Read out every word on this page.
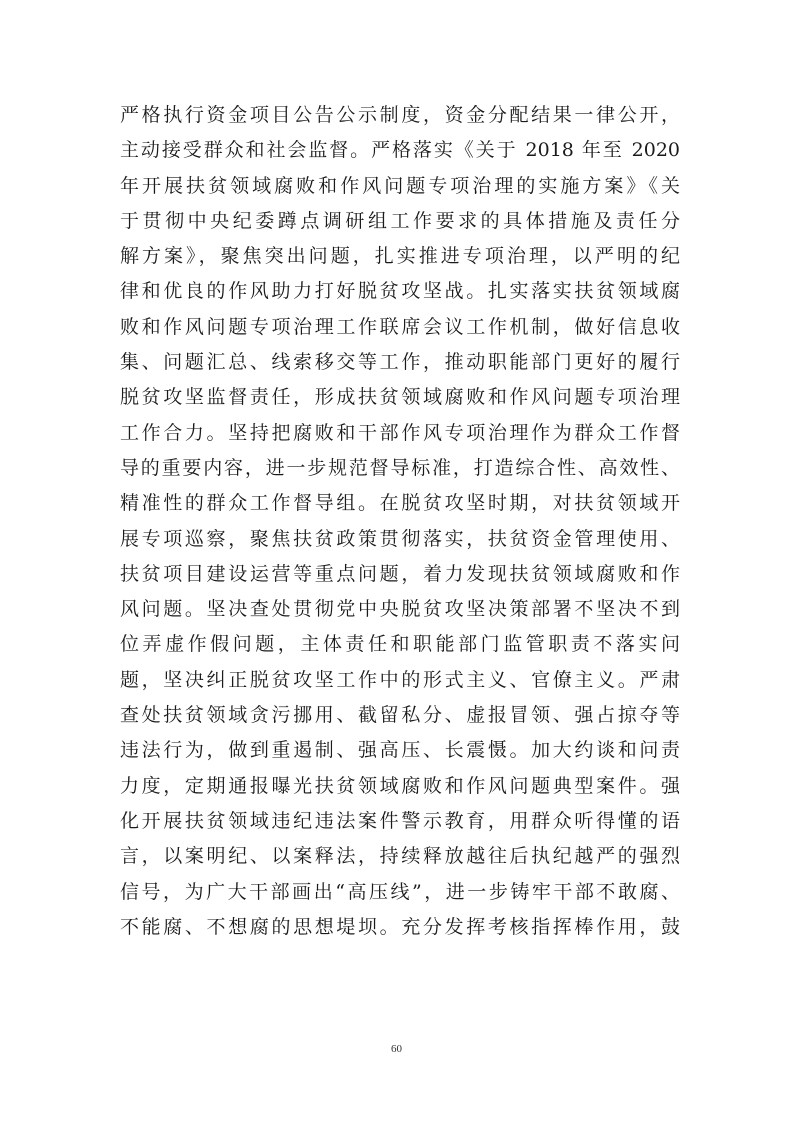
严格执行资金项目公告公示制度，资金分配结果一律公开，
主动接受群众和社会监督。严格落实《关于 2018 年至 2020
年开展扶贫领域腐败和作风问题专项治理的实施方案》《关
于贯彻中央纪委蹲点调研组工作要求的具体措施及责任分
解方案》，聚焦突出问题，扎实推进专项治理，以严明的纪
律和优良的作风助力打好脱贫攻坚战。扎实落实扶贫领域腐
败和作风问题专项治理工作联席会议工作机制，做好信息收
集、问题汇总、线索移交等工作，推动职能部门更好的履行
脱贫攻坚监督责任，形成扶贫领域腐败和作风问题专项治理
工作合力。坚持把腐败和干部作风专项治理作为群众工作督
导的重要内容，进一步规范督导标准，打造综合性、高效性、
精准性的群众工作督导组。在脱贫攻坚时期，对扶贫领域开
展专项巡察，聚焦扶贫政策贯彻落实，扶贫资金管理使用、
扶贫项目建设运营等重点问题，着力发现扶贫领域腐败和作
风问题。坚决查处贯彻党中央脱贫攻坚决策部署不坚决不到
位弄虚作假问题，主体责任和职能部门监管职责不落实问
题，坚决纠正脱贫攻坚工作中的形式主义、官僚主义。严肃
查处扶贫领域贪污挪用、截留私分、虚报冒领、强占掠夺等
违法行为，做到重遏制、强高压、长震慑。加大约谈和问责
力度，定期通报曝光扶贫领域腐败和作风问题典型案件。强
化开展扶贫领域违纪违法案件警示教育，用群众听得懂的语
言，以案明纪、以案释法，持续释放越往后执纪越严的强烈
信号，为广大干部画出“高压线”，进一步铸牢干部不敢腐、
不能腐、不想腐的思想堤坝。充分发挥考核指挥棒作用，鼓
60
